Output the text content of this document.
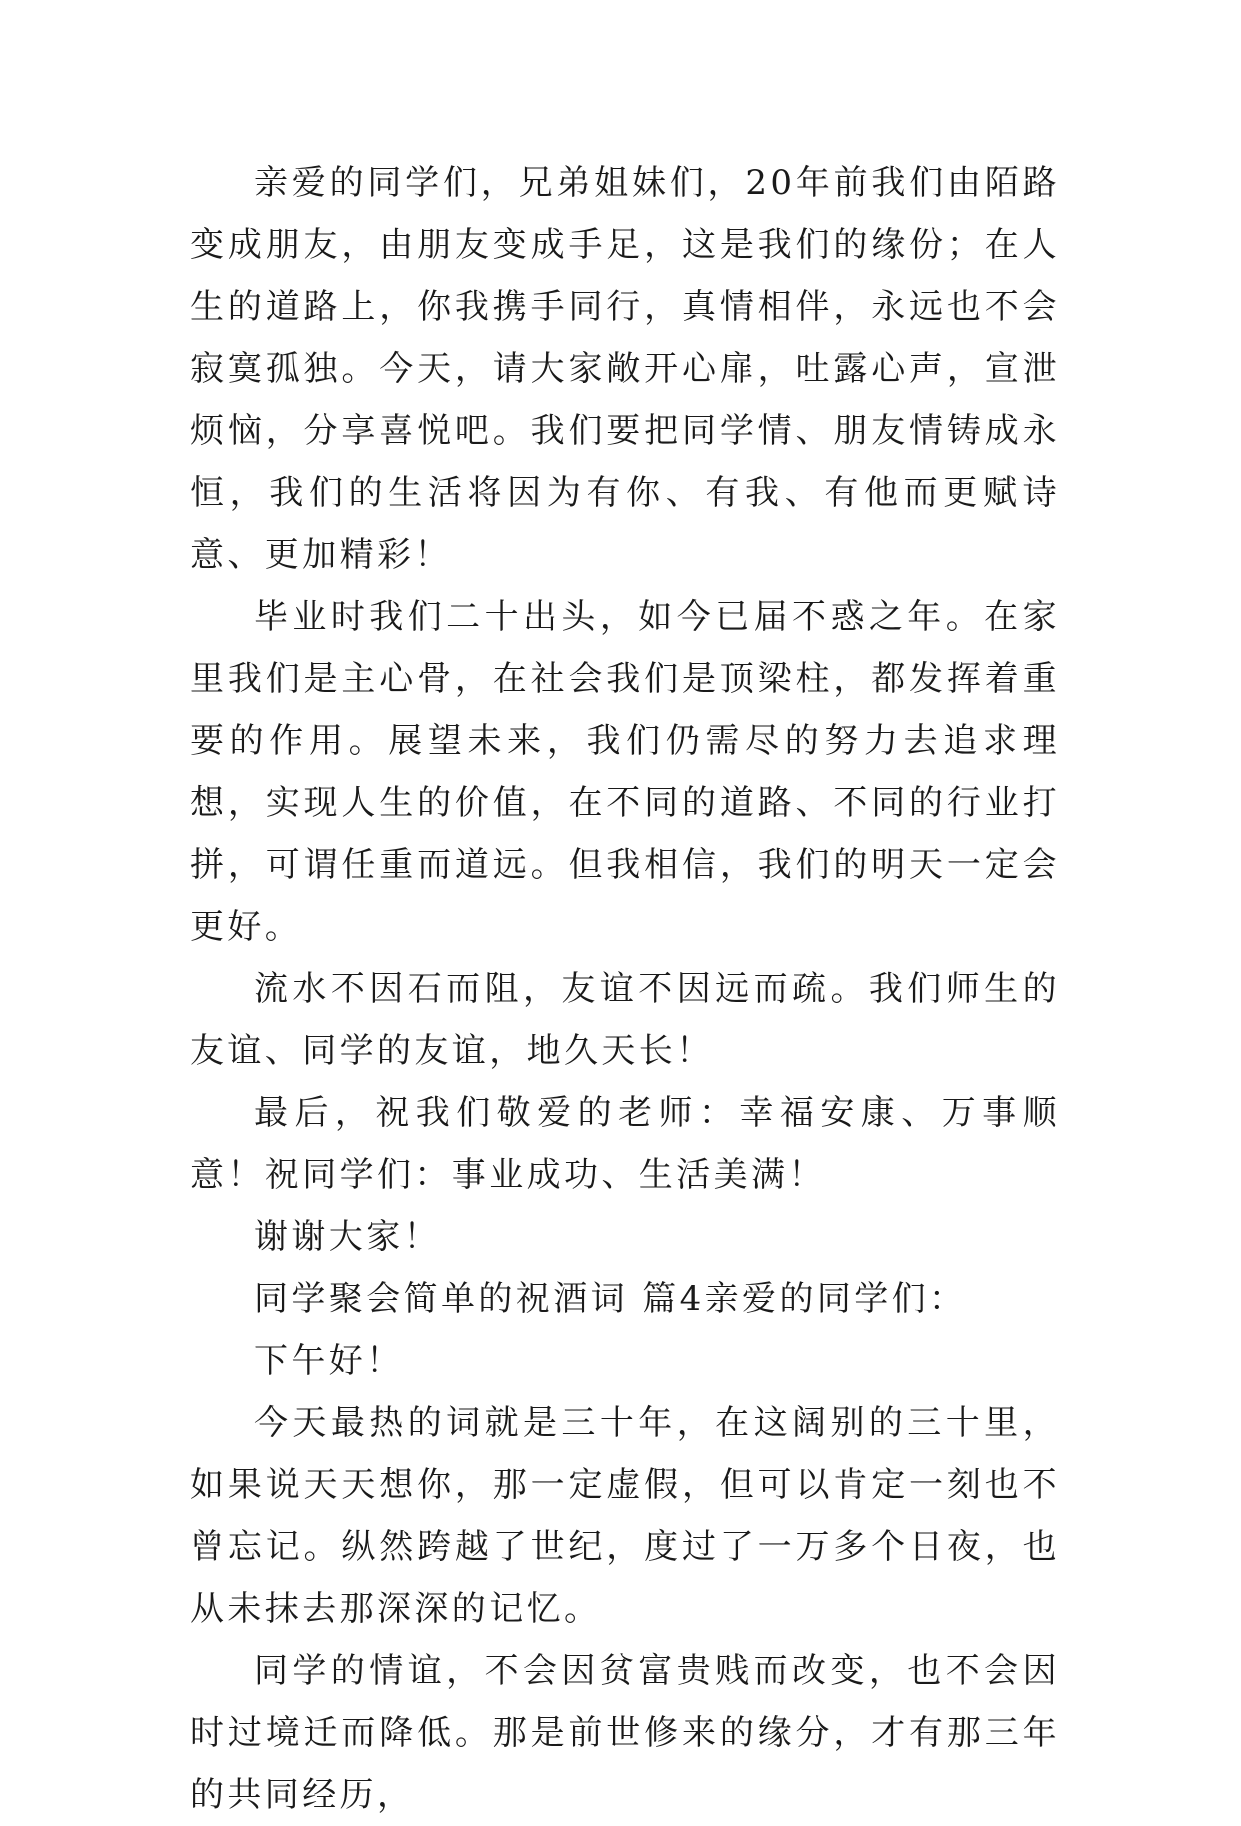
亲爱的同学们，兄弟姐妹们，20年前我们由陌路变成朋友，由朋友变成手足，这是我们的缘份；在人生的道路上，你我携手同行，真情相伴，永远也不会寂寞孤独。今天，请大家敞开心扉，吐露心声，宣泄烦恼，分享喜悦吧。我们要把同学情、朋友情铸成永恒，我们的生活将因为有你、有我、有他而更赋诗意、更加精彩！

毕业时我们二十出头，如今已届不惑之年。在家里我们是主心骨，在社会我们是顶梁柱，都发挥着重要的作用。展望未来，我们仍需尽的努力去追求理想，实现人生的价值，在不同的道路、不同的行业打拼，可谓任重而道远。但我相信，我们的明天一定会更好。

流水不因石而阻，友谊不因远而疏。我们师生的友谊、同学的友谊，地久天长！

最后，祝我们敬爱的老师：幸福安康、万事顺意！祝同学们：事业成功、生活美满！

谢谢大家！

同学聚会简单的祝酒词 篇4亲爱的同学们：

下午好！

今天最热的词就是三十年，在这阔别的三十里，如果说天天想你，那一定虚假，但可以肯定一刻也不曾忘记。纵然跨越了世纪，度过了一万多个日夜，也从未抹去那深深的记忆。

同学的情谊，不会因贫富贵贱而改变，也不会因时过境迁而降低。那是前世修来的缘分，才有那三年的共同经历，
